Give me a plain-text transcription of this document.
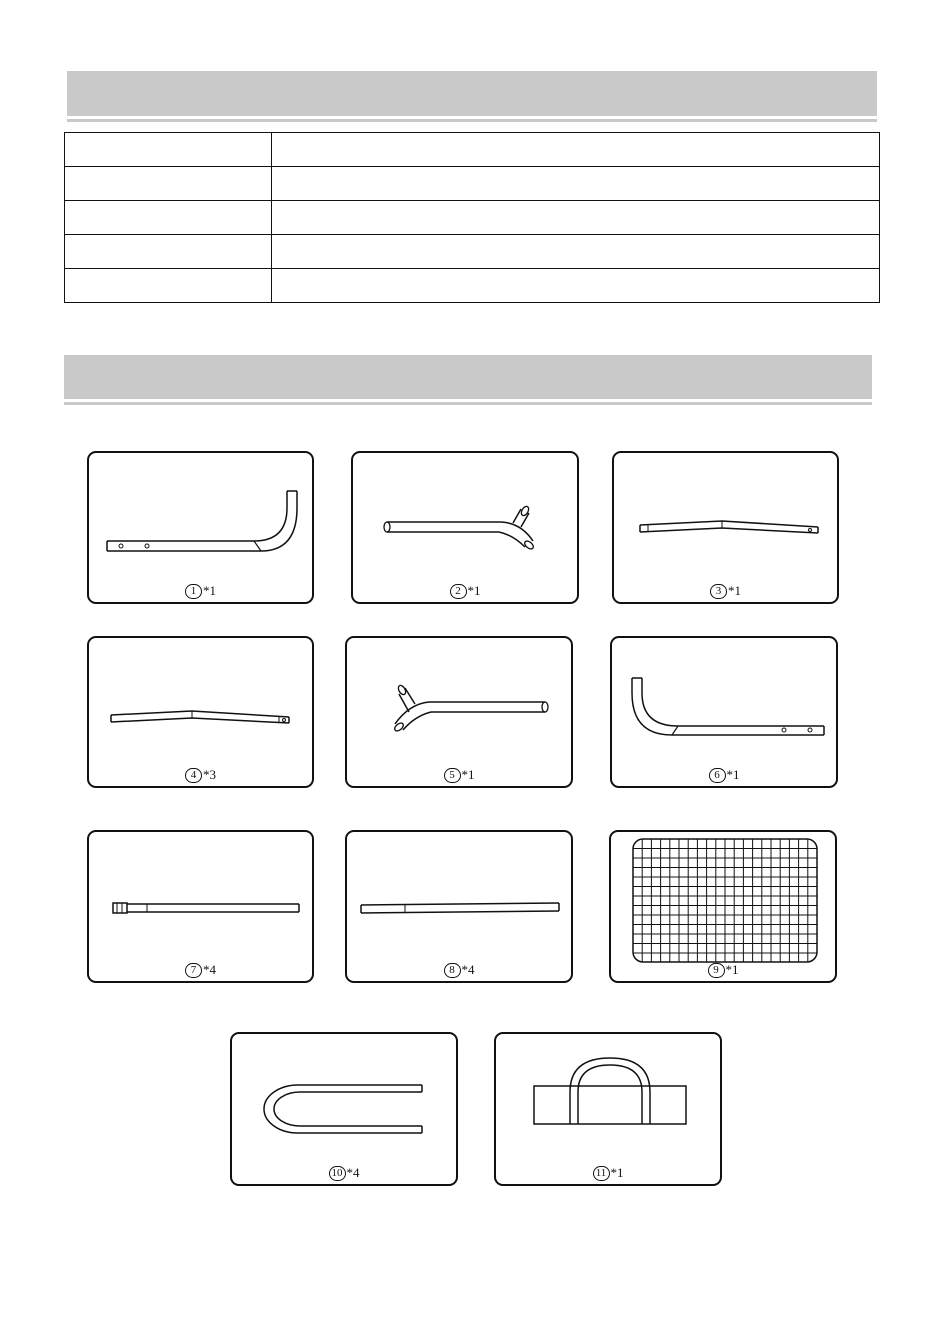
1 *1	2 *1	3 *1
4 *3	5 *1	6 *1
7 *4	8 *4	9 *1
10 *4	11 *1
